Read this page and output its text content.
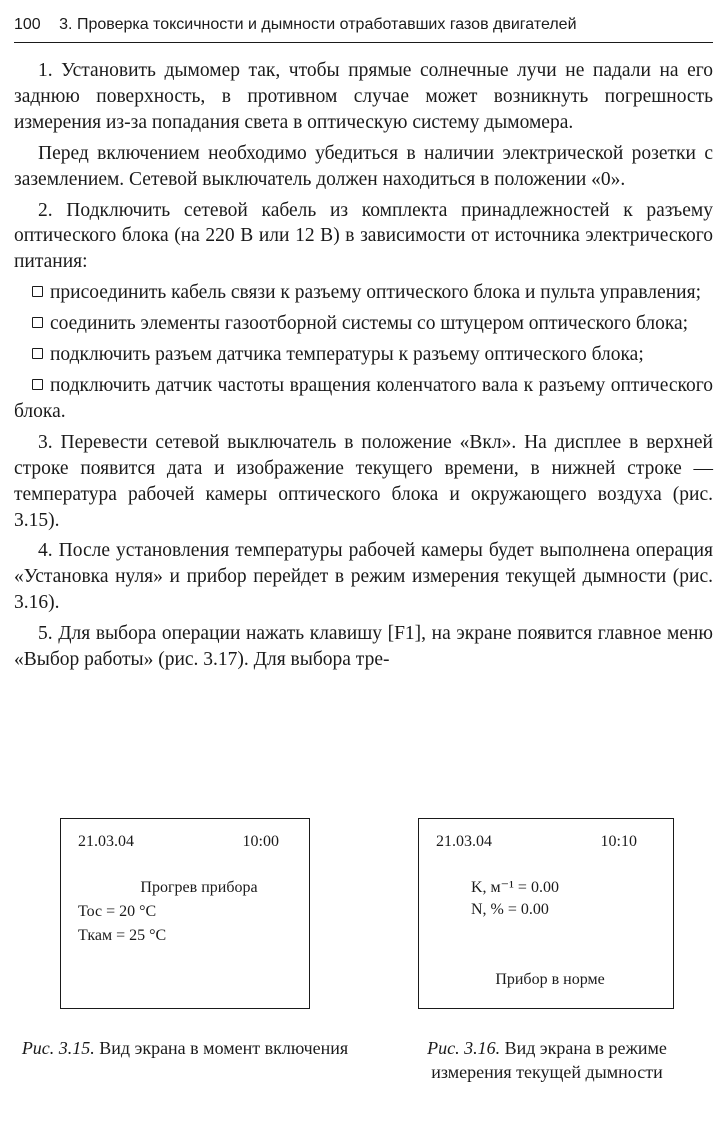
100 3. Проверка токсичности и дымности отработавших газов двигателей

1. Установить дымомер так, чтобы прямые солнечные лучи не падали на его заднюю поверхность, в противном случае может возникнуть погрешность измерения из-за попадания света в оптическую систему дымомера.

Перед включением необходимо убедиться в наличии электрической розетки с заземлением. Сетевой выключатель должен находиться в положении «0».

2. Подключить сетевой кабель из комплекта принадлежностей к разъему оптического блока (на 220 В или 12 В) в зависимости от источника электрического питания:

присоединить кабель связи к разъему оптического блока и пульта управления;

соединить элементы газоотборной системы со штуцером оптического блока;

подключить разъем датчика температуры к разъему оптического блока;

подключить датчик частоты вращения коленчатого вала к разъему оптического блока.

3. Перевести сетевой выключатель в положение «Вкл». На дисплее в верхней строке появится дата и изображение текущего времени, в нижней строке — температура рабочей камеры оптического блока и окружающего воздуха (рис. 3.15).

4. После установления температуры рабочей камеры будет выполнена операция «Установка нуля» и прибор перейдет в режим измерения текущей дымности (рис. 3.16).

5. Для выбора операции нажать клавишу [F1], на экране появится главное меню «Выбор работы» (рис. 3.17). Для выбора тре-

21.03.04	10:00
Прогрев прибора
Тос = 20 °С
Ткам = 25 °С
21.03.04	10:10
K, м⁻¹ = 0.00
N, % = 0.00
Прибор в норме
Рис. 3.15. Вид экрана в момент включения	Рис. 3.16. Вид экрана в режиме измерения текущей дымности
